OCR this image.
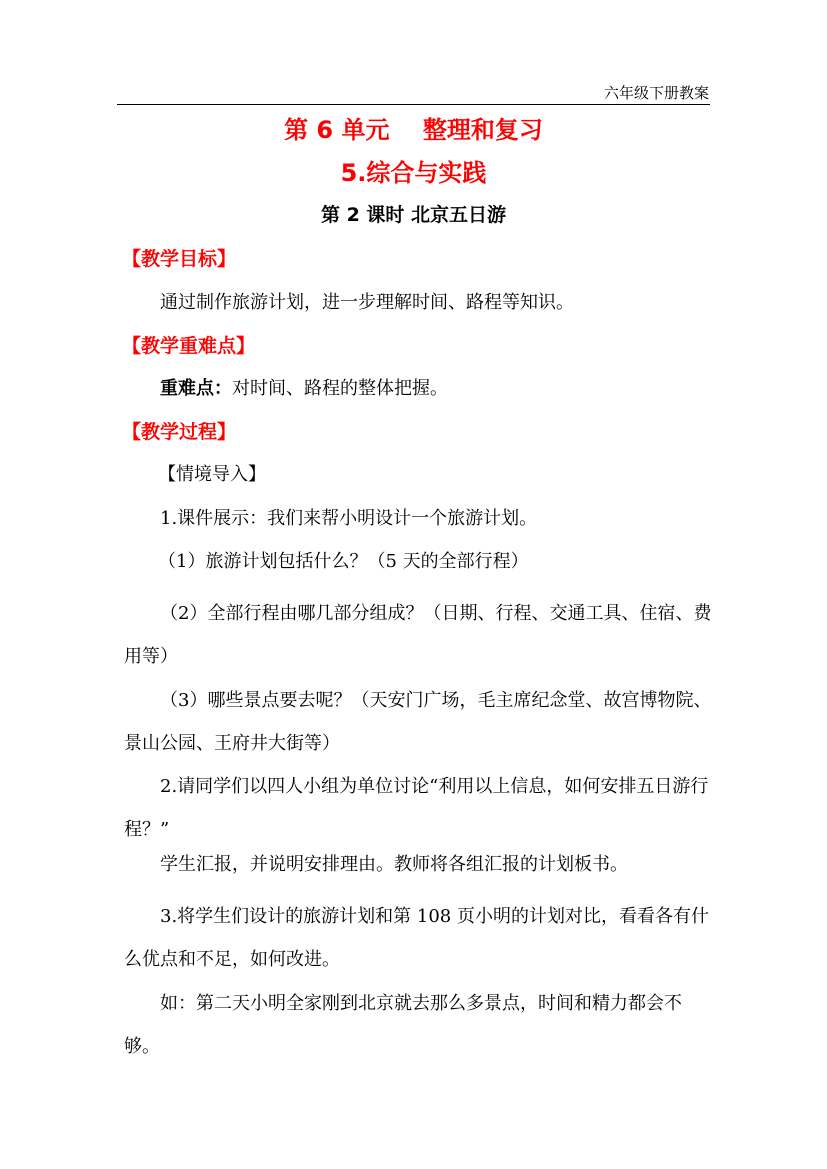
六年级下册教案
第 6 单元    整理和复习
5.综合与实践
第 2 课时 北京五日游
【教学目标】
通过制作旅游计划，进一步理解时间、路程等知识。
【教学重难点】
重难点：对时间、路程的整体把握。
【教学过程】
【情境导入】
1.课件展示：我们来帮小明设计一个旅游计划。
（1）旅游计划包括什么？（5 天的全部行程）
（2）全部行程由哪几部分组成？（日期、行程、交通工具、住宿、费用等）
（3）哪些景点要去呢？（天安门广场，毛主席纪念堂、故宫博物院、景山公园、王府井大街等）
2.请同学们以四人小组为单位讨论“利用以上信息，如何安排五日游行程？”
学生汇报，并说明安排理由。教师将各组汇报的计划板书。
3.将学生们设计的旅游计划和第 108 页小明的计划对比，看看各有什么优点和不足，如何改进。
如：第二天小明全家刚到北京就去那么多景点，时间和精力都会不够。
